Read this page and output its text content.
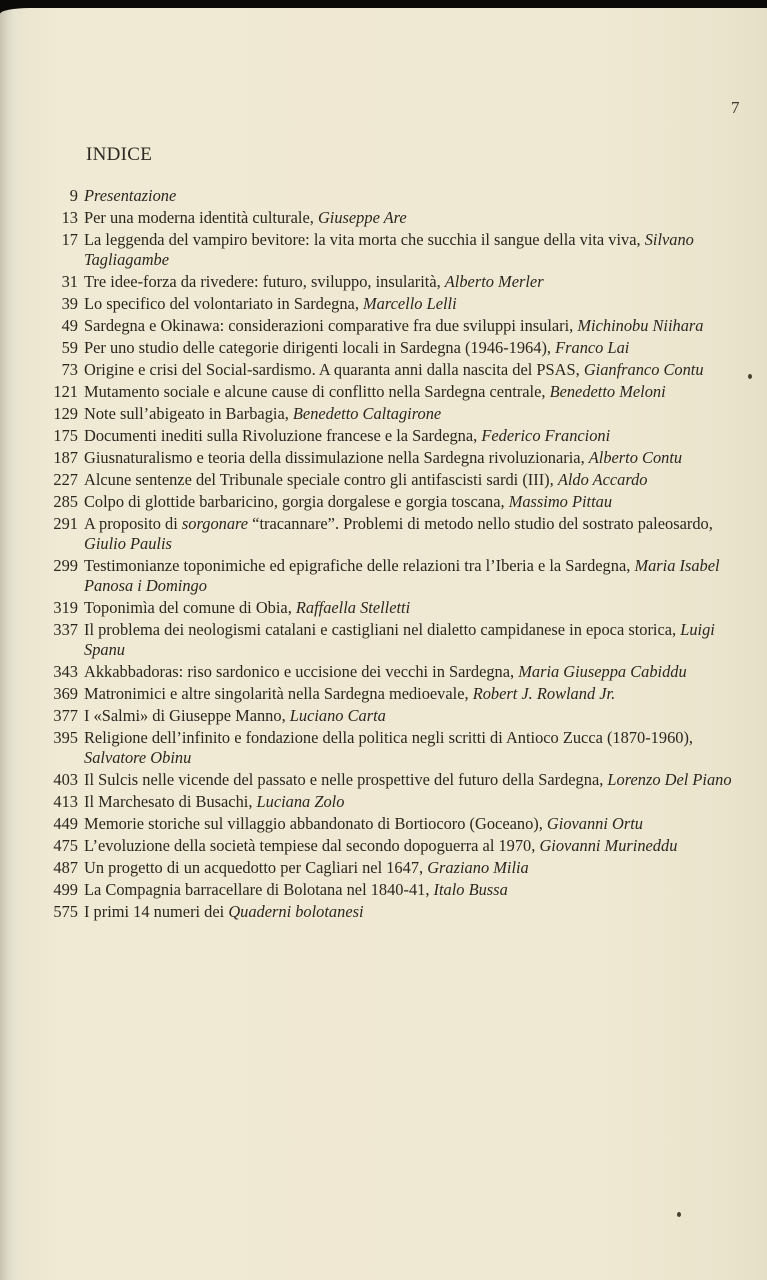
7
INDICE
9 Presentazione
13 Per una moderna identità culturale, Giuseppe Are
17 La leggenda del vampiro bevitore: la vita morta che succhia il sangue della vita viva, Silvano Tagliagambe
31 Tre idee-forza da rivedere: futuro, sviluppo, insularità, Alberto Merler
39 Lo specifico del volontariato in Sardegna, Marcello Lelli
49 Sardegna e Okinawa: considerazioni comparative fra due sviluppi insulari, Michinobu Niihara
59 Per uno studio delle categorie dirigenti locali in Sardegna (1946-1964), Franco Lai
73 Origine e crisi del Social-sardismo. A quaranta anni dalla nascita del PSAS, Gianfranco Contu
121 Mutamento sociale e alcune cause di conflitto nella Sardegna centrale, Benedetto Meloni
129 Note sull’abigeato in Barbagia, Benedetto Caltagirone
175 Documenti inediti sulla Rivoluzione francese e la Sardegna, Federico Francioni
187 Giusnaturalismo e teoria della dissimulazione nella Sardegna rivoluzionaria, Alberto Contu
227 Alcune sentenze del Tribunale speciale contro gli antifascisti sardi (III), Aldo Accardo
285 Colpo di glottide barbaricino, gorgia dorgalese e gorgia toscana, Massimo Pittau
291 A proposito di sorgonare “tracannare”. Problemi di metodo nello studio del sostrato paleosardo, Giulio Paulis
299 Testimonianze toponimiche ed epigrafiche delle relazioni tra l’Iberia e la Sardegna, Maria Isabel Panosa i Domingo
319 Toponimìa del comune di Obia, Raffaella Stelletti
337 Il problema dei neologismi catalani e castigliani nel dialetto campidanese in epoca storica, Luigi Spanu
343 Akkabbadoras: riso sardonico e uccisione dei vecchi in Sardegna, Maria Giuseppa Cabiddu
369 Matronimici e altre singolarità nella Sardegna medioevale, Robert J. Rowland Jr.
377 I «Salmi» di Giuseppe Manno, Luciano Carta
395 Religione dell’infinito e fondazione della politica negli scritti di Antioco Zucca (1870-1960), Salvatore Obinu
403 Il Sulcis nelle vicende del passato e nelle prospettive del futuro della Sardegna, Lorenzo Del Piano
413 Il Marchesato di Busachi, Luciana Zolo
449 Memorie storiche sul villaggio abbandonato di Bortiocoro (Goceano), Giovanni Ortu
475 L’evoluzione della società tempiese dal secondo dopoguerra al 1970, Giovanni Murineddu
487 Un progetto di un acquedotto per Cagliari nel 1647, Graziano Milia
499 La Compagnia barracellare di Bolotana nel 1840-41, Italo Bussa
575 I primi 14 numeri dei Quaderni bolotanesi
